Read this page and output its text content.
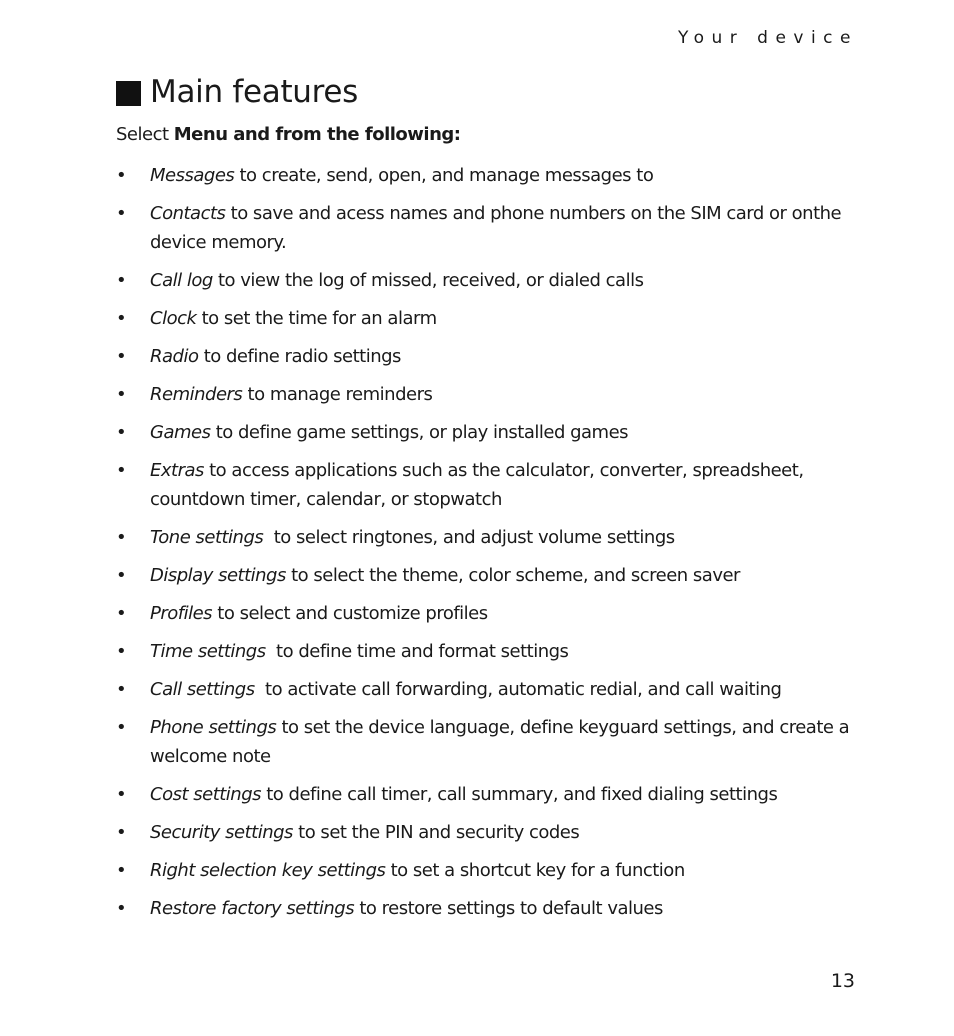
Your device
Main features
Select Menu and from the following:
• Messages to create, send, open, and manage messages to
• Contacts to save and acess names and phone numbers on the SIM card or onthe device memory.
• Call log to view the log of missed, received, or dialed calls
• Clock to set the time for an alarm
• Radio to define radio settings
• Reminders to manage reminders
• Games to define game settings, or play installed games
• Extras to access applications such as the calculator, converter, spreadsheet, countdown timer, calendar, or stopwatch
• Tone settings  to select ringtones, and adjust volume settings
• Display settings to select the theme, color scheme, and screen saver
• Profiles to select and customize profiles
• Time settings  to define time and format settings
• Call settings  to activate call forwarding, automatic redial, and call waiting
• Phone settings to set the device language, define keyguard settings, and create a welcome note
• Cost settings to define call timer, call summary, and fixed dialing settings
• Security settings to set the PIN and security codes
• Right selection key settings to set a shortcut key for a function
• Restore factory settings to restore settings to default values
13
